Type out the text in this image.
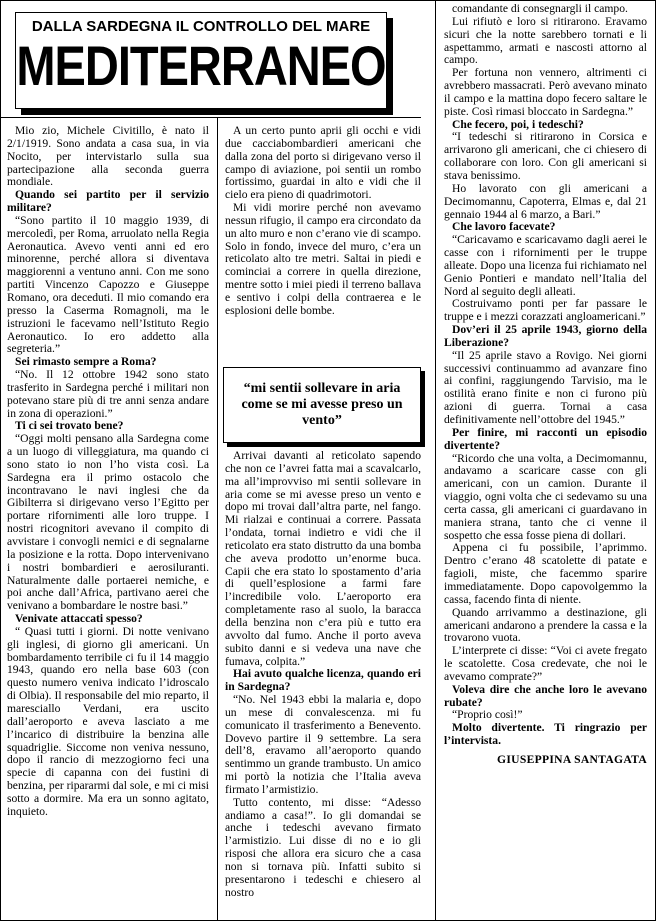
DALLA SARDEGNA IL CONTROLLO DEL MARE
MEDITERRANEO

Mio zio, Michele Civitillo, è nato il 2/1/1919. Sono andata a casa sua, in via Nocito, per intervistarlo sulla sua partecipazione alla seconda guerra mondiale.

Quando sei partito per il servizio militare?

“Sono partito il 10 maggio 1939, di mercoledì, per Roma, arruolato nella Regia Aeronautica. Avevo venti anni ed ero minorenne, perché allora si diventava maggiorenni a ventuno anni. Con me sono partiti Vincenzo Capozzo e Giuseppe Romano, ora deceduti. Il mio comando era presso la Caserma Romagnoli, ma le istruzioni le facevamo nell’Istituto Regio Aeronautico. Io ero addetto alla segreteria.”

Sei rimasto sempre a Roma?

“No. Il 12 ottobre 1942 sono stato trasferito in Sardegna perché i militari non potevano stare più di tre anni senza andare in zona di operazioni.”

Ti ci sei trovato bene?

“Oggi molti pensano alla Sardegna come a un luogo di villeggiatura, ma quando ci sono stato io non l’ho vista così. La Sardegna era il primo ostacolo che incontravano le navi inglesi che da Gibilterra si dirigevano verso l’Egitto per portare rifornimenti alle loro truppe. I nostri ricognitori avevano il compito di avvistare i convogli nemici e di segnalarne la posizione e la rotta. Dopo intervenivano i nostri bombardieri e aerosiluranti. Naturalmente dalle portaerei nemiche, e poi anche dall’Africa, partivano aerei che venivano a bombardare le nostre basi.”

Venivate attaccati spesso?

“ Quasi tutti i giorni. Di notte venivano gli inglesi, di giorno gli americani. Un bombardamento terribile ci fu il 14 maggio 1943, quando ero nella base 603 (con questo numero veniva indicato l’idroscalo di Olbia). Il responsabile del mio reparto, il maresciallo Verdani, era uscito dall’aeroporto e aveva lasciato a me l’incarico di distribuire la benzina alle squadriglie. Siccome non veniva nessuno, dopo il rancio di mezzogiorno feci una specie di capanna con dei fustini di benzina, per ripararmi dal sole, e mi ci misi sotto a dormire. Ma era un sonno agitato, inquieto.

A un certo punto aprii gli occhi e vidi due cacciabombardieri americani che dalla zona del porto si dirigevano verso il campo di aviazione, poi sentii un rombo fortissimo, guardai in alto e vidi che il cielo era pieno di quadrimotori.

Mi vidi morire perché non avevamo nessun rifugio, il campo era circondato da un alto muro e non c’erano vie di scampo. Solo in fondo, invece del muro, c’era un reticolato alto tre metri. Saltai in piedi e cominciai a correre in quella direzione, mentre sotto i miei piedi il terreno ballava e sentivo i colpi della contraerea e le esplosioni delle bombe.

“mi sentii sollevare in aria come se mi avesse preso un vento”

Arrivai davanti al reticolato sapendo che non ce l’avrei fatta mai a scavalcarlo, ma all’improvviso mi sentii sollevare in aria come se mi avesse preso un vento e dopo mi trovai dall’altra parte, nel fango. Mi rialzai e continuai a correre. Passata l’ondata, tornai indietro e vidi che il reticolato era stato distrutto da una bomba che aveva prodotto un’enorme buca. Capii che era stato lo spostamento d’aria di quell’esplosione a farmi fare l’incredibile volo. L’aeroporto era completamente raso al suolo, la baracca della benzina non c’era più e tutto era avvolto dal fumo. Anche il porto aveva subito danni e si vedeva una nave che fumava, colpita.”

Hai avuto qualche licenza, quando eri in Sardegna?

“No. Nel 1943 ebbi la malaria e, dopo un mese di convalescenza. mi fu comunicato il trasferimento a Benevento. Dovevo partire il 9 settembre. La sera dell’8, eravamo all’aeroporto quando sentimmo un grande trambusto. Un amico mi portò la notizia che l’Italia aveva firmato l’armistizio.

Tutto contento, mi disse: “Adesso andiamo a casa!”. Io gli domandai se anche i tedeschi avevano firmato l’armistizio. Lui disse di no e io gli risposi che allora era sicuro che a casa non si tornava più. Infatti subito si presentarono i tedeschi e chiesero al nostro

comandante di consegnargli il campo.

Lui rifiutò e loro si ritirarono. Eravamo sicuri che la notte sarebbero tornati e li aspettammo, armati e nascosti attorno al campo.

Per fortuna non vennero, altrimenti ci avrebbero massacrati. Però avevano minato il campo e la mattina dopo fecero saltare le piste. Così rimasi bloccato in Sardegna.”

Che fecero, poi, i tedeschi?

“I tedeschi si ritirarono in Corsica e arrivarono gli americani, che ci chiesero di collaborare con loro. Con gli americani si stava benissimo.

Ho lavorato con gli americani a Decimomannu, Capoterra, Elmas e, dal 21 gennaio 1944 al 6 marzo, a Bari.”

Che lavoro facevate?

“Caricavamo e scaricavamo dagli aerei le casse con i rifornimenti per le truppe alleate. Dopo una licenza fui richiamato nel Genio Pontieri e mandato nell’Italia del Nord al seguito degli alleati.

Costruivamo ponti per far passare le truppe e i mezzi corazzati angloamericani.”

Dov’eri il 25 aprile 1943, giorno della Liberazione?

“Il 25 aprile stavo a Rovigo. Nei giorni successivi continuammo ad avanzare fino ai confini, raggiungendo Tarvisio, ma le ostilità erano finite e non ci furono più azioni di guerra. Tornai a casa definitivamente nell’ottobre del 1945.”

Per finire, mi racconti un episodio divertente?

“Ricordo che una volta, a Decimomannu, andavamo a scaricare casse con gli americani, con un camion. Durante il viaggio, ogni volta che ci sedevamo su una certa cassa, gli americani ci guardavano in maniera strana, tanto che ci venne il sospetto che essa fosse piena di dollari.

Appena ci fu possibile, l’aprimmo. Dentro c’erano 48 scatolette di patate e fagioli, miste, che facemmo sparire immediatamente. Dopo capovolgemmo la cassa, facendo finta di niente.

Quando arrivammo a destinazione, gli americani andarono a prendere la cassa e la trovarono vuota.

L’interprete ci disse: “Voi ci avete fregato le scatolette. Cosa credevate, che noi le avevamo comprate?”

Voleva dire che anche loro le avevano rubate?

“Proprio così!”

Molto divertente. Ti ringrazio per l’intervista.

GIUSEPPINA SANTAGATA
